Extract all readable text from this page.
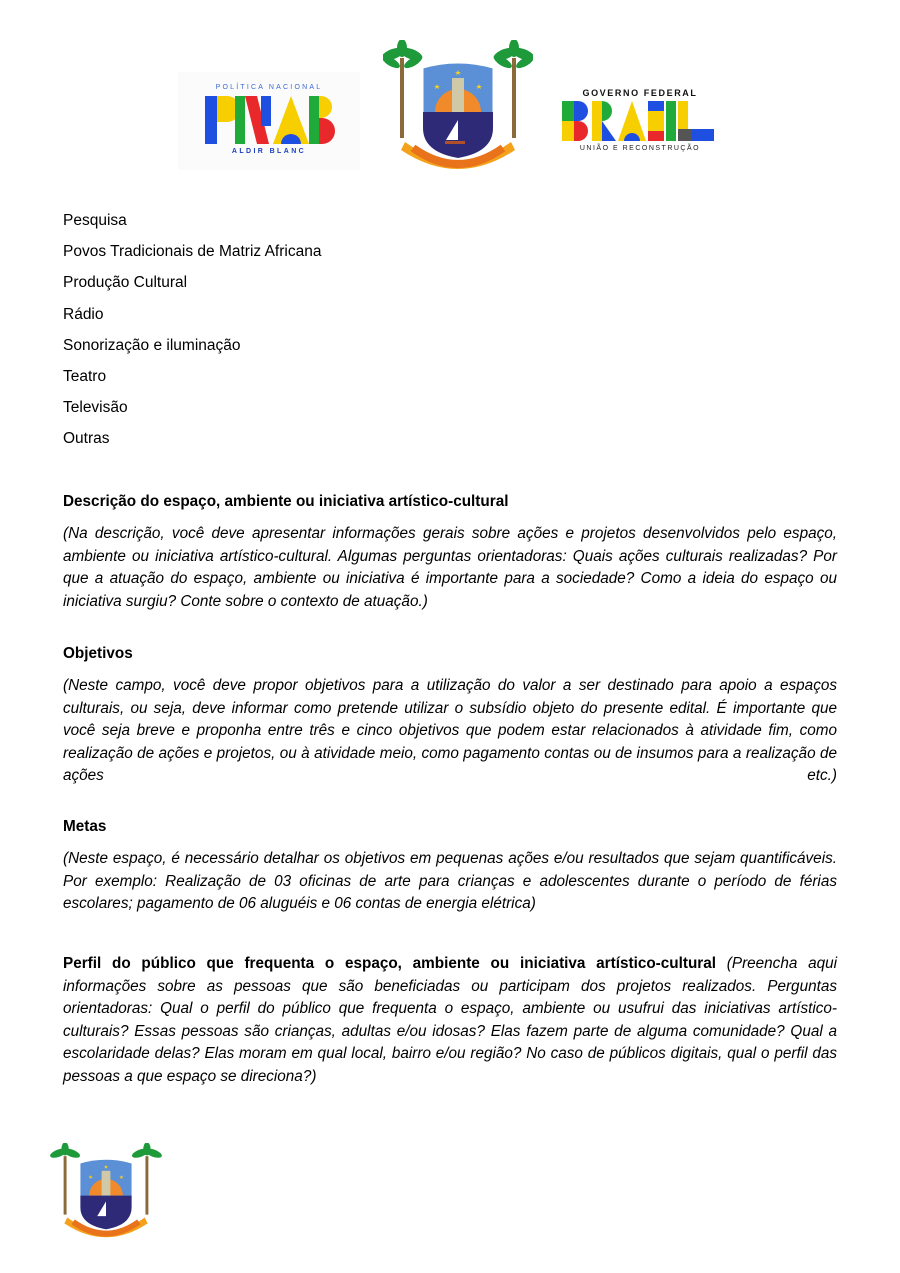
POLÍTICA NACIONAL
ALDIR BLANC
GOVERNO FEDERAL
UNIÃO E RECONSTRUÇÃO
Pesquisa
Povos Tradicionais de Matriz Africana
Produção Cultural
Rádio
Sonorização e iluminação
Teatro
Televisão
Outras
Descrição do espaço, ambiente ou iniciativa artístico-cultural

(Na descrição, você deve apresentar informações gerais sobre ações e projetos desenvolvidos pelo espaço, ambiente ou iniciativa artístico-cultural. Algumas perguntas orientadoras: Quais ações culturais realizadas? Por que a atuação do espaço, ambiente ou iniciativa é importante para a sociedade? Como a ideia do espaço ou iniciativa surgiu? Conte sobre o contexto de atuação.)

Objetivos

(Neste campo, você deve propor objetivos para a utilização do valor a ser destinado para apoio a espaços culturais, ou seja, deve informar como pretende utilizar o subsídio objeto do presente edital. É importante que você seja breve e proponha entre três e cinco objetivos que podem estar relacionados à atividade fim, como realização de ações e projetos, ou à atividade meio, como pagamento contas ou de insumos para a realização de ações etc.)

Metas

(Neste espaço, é necessário detalhar os objetivos em pequenas ações e/ou resultados que sejam quantificáveis. Por exemplo: Realização de 03 oficinas de arte para crianças e adolescentes durante o período de férias escolares; pagamento de 06 aluguéis e 06 contas de energia elétrica)

Perfil do público que frequenta o espaço, ambiente ou iniciativa artístico-cultural (Preencha aqui informações sobre as pessoas que são beneficiadas ou participam dos projetos realizados. Perguntas orientadoras: Qual o perfil do público que frequenta o espaço, ambiente ou usufrui das iniciativas artístico-culturais? Essas pessoas são crianças, adultas e/ou idosas? Elas fazem parte de alguma comunidade? Qual a escolaridade delas? Elas moram em qual local, bairro e/ou região? No caso de públicos digitais, qual o perfil das pessoas a que espaço se direciona?)
